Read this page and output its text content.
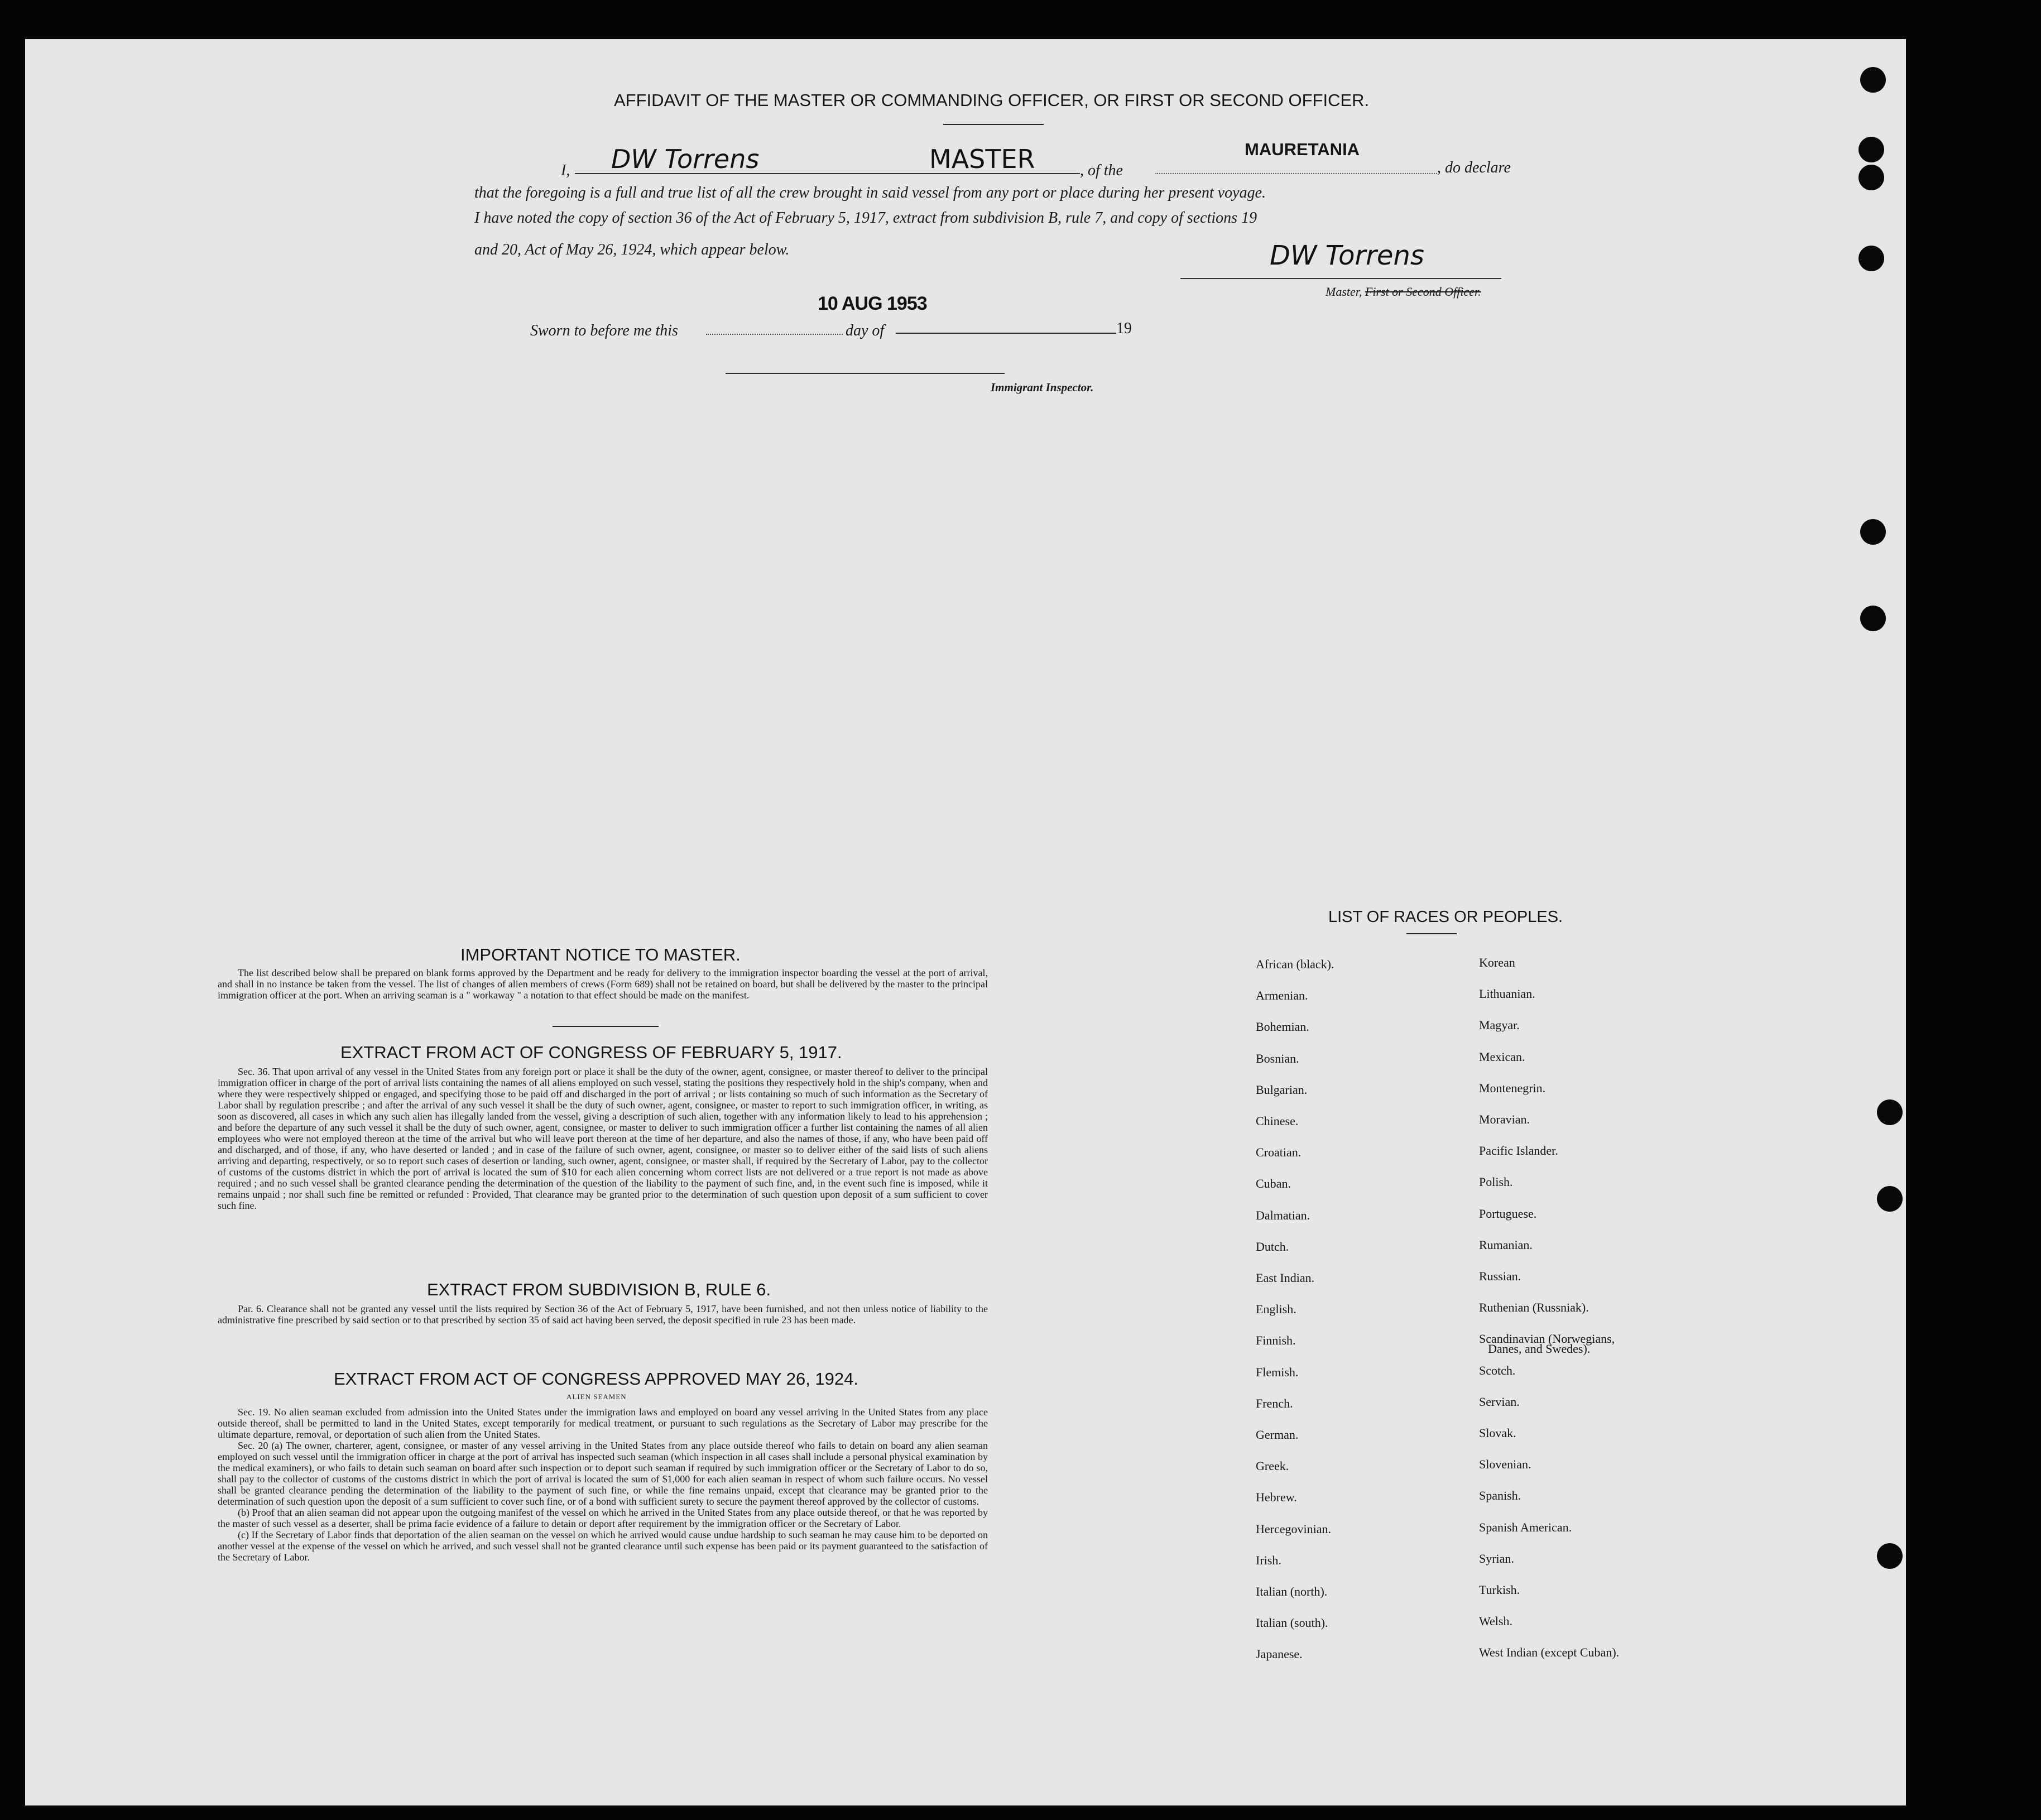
AFFIDAVIT OF THE MASTER OR COMMANDING OFFICER, OR FIRST OR SECOND OFFICER.
I, DW Torrens	MASTER	, of the
MAURETANIA
, do declare
that the foregoing is a full and true list of all the crew brought in said vessel from any port or place during her present voyage.
I have noted the copy of section 36 of the Act of February 5, 1917, extract from subdivision B, rule 7, and copy of sections 19
and 20, Act of May 26, 1924, which appear below.	DW Torrens
Master, First or Second Officer.
10 AUG 1953
Sworn to before me this	day of	19
Immigrant Inspector.
IMPORTANT NOTICE TO MASTER.
The list described below shall be prepared on blank forms approved by the Department and be ready for delivery to the immigration inspector boarding the vessel at the port of arrival, and shall in no instance be taken from the vessel. The list of changes of alien members of crews (Form 689) shall not be retained on board, but shall be delivered by the master to the principal immigration officer at the port. When an arriving seaman is a " workaway " a notation to that effect should be made on the manifest.
EXTRACT FROM ACT OF CONGRESS OF FEBRUARY 5, 1917.
Sec. 36. That upon arrival of any vessel in the United States from any foreign port or place it shall be the duty of the owner, agent, consignee, or master thereof to deliver to the principal immigration officer in charge of the port of arrival lists containing the names of all aliens employed on such vessel, stating the positions they respectively hold in the ship's company, when and where they were respectively shipped or engaged, and specifying those to be paid off and discharged in the port of arrival ; or lists containing so much of such information as the Secretary of Labor shall by regulation prescribe ; and after the arrival of any such vessel it shall be the duty of such owner, agent, consignee, or master to report to such immigration officer, in writing, as soon as discovered, all cases in which any such alien has illegally landed from the vessel, giving a description of such alien, together with any information likely to lead to his apprehension ; and before the departure of any such vessel it shall be the duty of such owner, agent, consignee, or master to deliver to such immigration officer a further list containing the names of all alien employees who were not employed thereon at the time of the arrival but who will leave port thereon at the time of her departure, and also the names of those, if any, who have been paid off and discharged, and of those, if any, who have deserted or landed ; and in case of the failure of such owner, agent, consignee, or master so to deliver either of the said lists of such aliens arriving and departing, respectively, or so to report such cases of desertion or landing, such owner, agent, consignee, or master shall, if required by the Secretary of Labor, pay to the collector of customs of the customs district in which the port of arrival is located the sum of $10 for each alien concerning whom correct lists are not delivered or a true report is not made as above required ; and no such vessel shall be granted clearance pending the determination of the question of the liability to the payment of such fine, and, in the event such fine is imposed, while it remains unpaid ; nor shall such fine be remitted or refunded : Provided, That clearance may be granted prior to the determination of such question upon deposit of a sum sufficient to cover such fine.
EXTRACT FROM SUBDIVISION B, RULE 6.
Par. 6. Clearance shall not be granted any vessel until the lists required by Section 36 of the Act of February 5, 1917, have been furnished, and not then unless notice of liability to the administrative fine prescribed by said section or to that prescribed by section 35 of said act having been served, the deposit specified in rule 23 has been made.
EXTRACT FROM ACT OF CONGRESS APPROVED MAY 26, 1924.
ALIEN SEAMEN
Sec. 19. No alien seaman excluded from admission into the United States under the immigration laws and employed on board any vessel arriving in the United States from any place outside thereof, shall be permitted to land in the United States, except temporarily for medical treatment, or pursuant to such regulations as the Secretary of Labor may prescribe for the ultimate departure, removal, or deportation of such alien from the United States.
Sec. 20 (a) The owner, charterer, agent, consignee, or master of any vessel arriving in the United States from any place outside thereof who fails to detain on board any alien seaman employed on such vessel until the immigration officer in charge at the port of arrival has inspected such seaman (which inspection in all cases shall include a personal physical examination by the medical examiners), or who fails to detain such seaman on board after such inspection or to deport such seaman if required by such immigration officer or the Secretary of Labor to do so, shall pay to the collector of customs of the customs district in which the port of arrival is located the sum of $1,000 for each alien seaman in respect of whom such failure occurs. No vessel shall be granted clearance pending the determination of the liability to the payment of such fine, or while the fine remains unpaid, except that clearance may be granted prior to the determination of such question upon the deposit of a sum sufficient to cover such fine, or of a bond with sufficient surety to secure the payment thereof approved by the collector of customs.
(b) Proof that an alien seaman did not appear upon the outgoing manifest of the vessel on which he arrived in the United States from any place outside thereof, or that he was reported by the master of such vessel as a deserter, shall be prima facie evidence of a failure to detain or deport after requirement by the immigration officer or the Secretary of Labor.
(c) If the Secretary of Labor finds that deportation of the alien seaman on the vessel on which he arrived would cause undue hardship to such seaman he may cause him to be deported on another vessel at the expense of the vessel on which he arrived, and such vessel shall not be granted clearance until such expense has been paid or its payment guaranteed to the satisfaction of the Secretary of Labor.
LIST OF RACES OR PEOPLES.
African (black).
Armenian.
Bohemian.
Bosnian.
Bulgarian.
Chinese.
Croatian.
Cuban.
Dalmatian.
Dutch.
East Indian.
English.
Finnish.
Flemish.
French.
German.
Greek.
Hebrew.
Hercegovinian.
Irish.
Italian (north).
Italian (south).
Japanese.
Korean
Lithuanian.
Magyar.
Mexican.
Montenegrin.
Moravian.
Pacific Islander.
Polish.
Portuguese.
Rumanian.
Russian.
Ruthenian (Russniak).
Scandinavian (Norwegians,
Scotch.
Servian.
Slovak.
Slovenian.
Spanish.
Spanish American.
Syrian.
Turkish.
Welsh.
West Indian (except Cuban).
Danes, and Swedes).
